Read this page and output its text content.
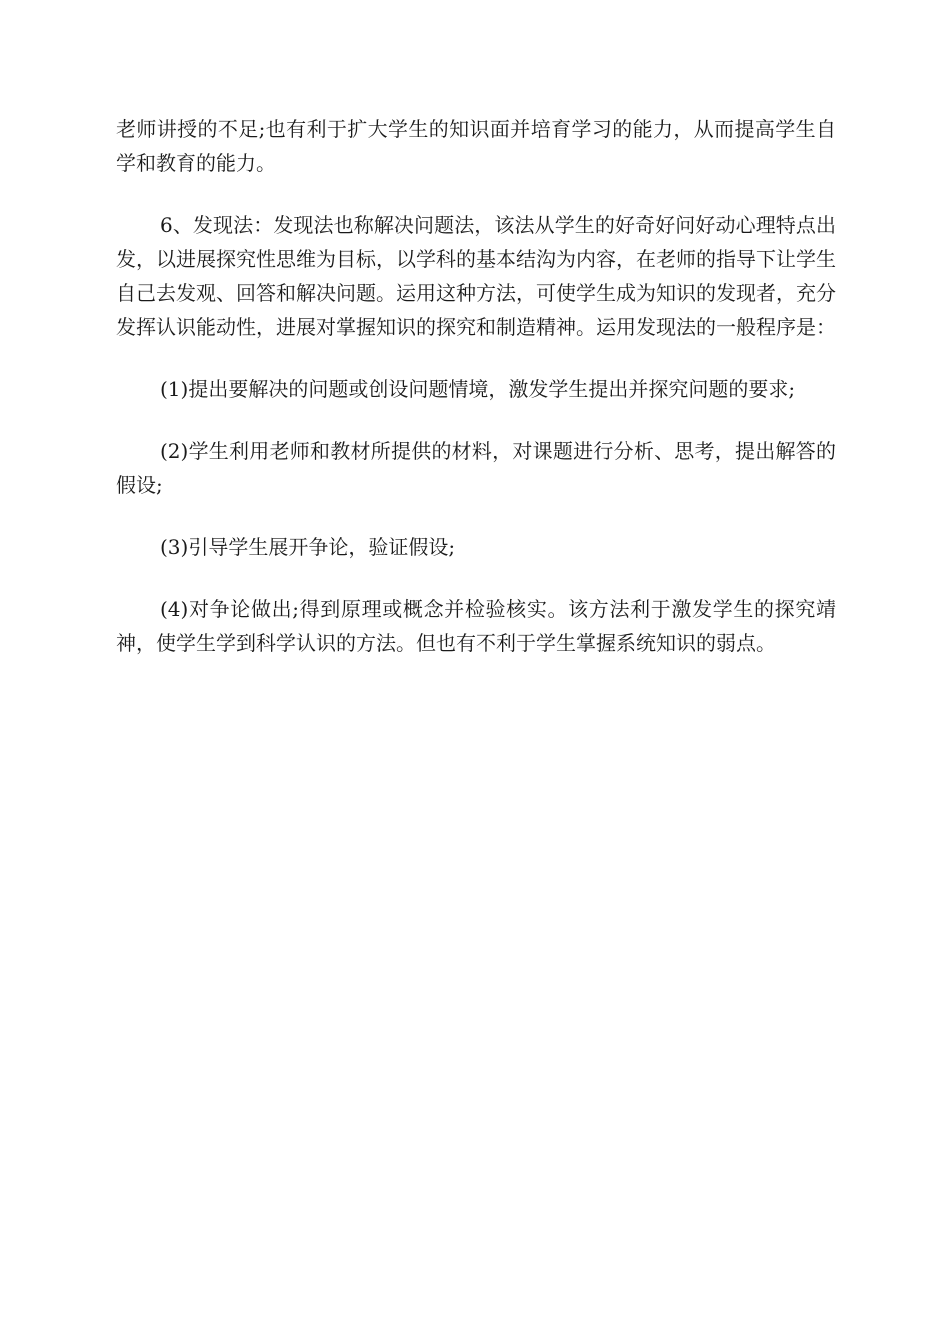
老师讲授的不足;也有利于扩大学生的知识面并培育学习的能力，从而提高学生自学和教育的能力。

6、发现法：发现法也称解决问题法，该法从学生的好奇好问好动心理特点出发，以进展探究性思维为目标，以学科的基本结沟为内容，在老师的指导下让学生自己去发观、回答和解决问题。运用这种方法，可使学生成为知识的发现者，充分发挥认识能动性，进展对掌握知识的探究和制造精神。运用发现法的一般程序是：

(1)提出要解决的问题或创设问题情境，激发学生提出并探究问题的要求;

(2)学生利用老师和教材所提供的材料，对课题进行分析、思考，提出解答的假设;

(3)引导学生展开争论，验证假设;

(4)对争论做出;得到原理或概念并检验核实。该方法利于激发学生的探究靖神，使学生学到科学认识的方法。但也有不利于学生掌握系统知识的弱点。
